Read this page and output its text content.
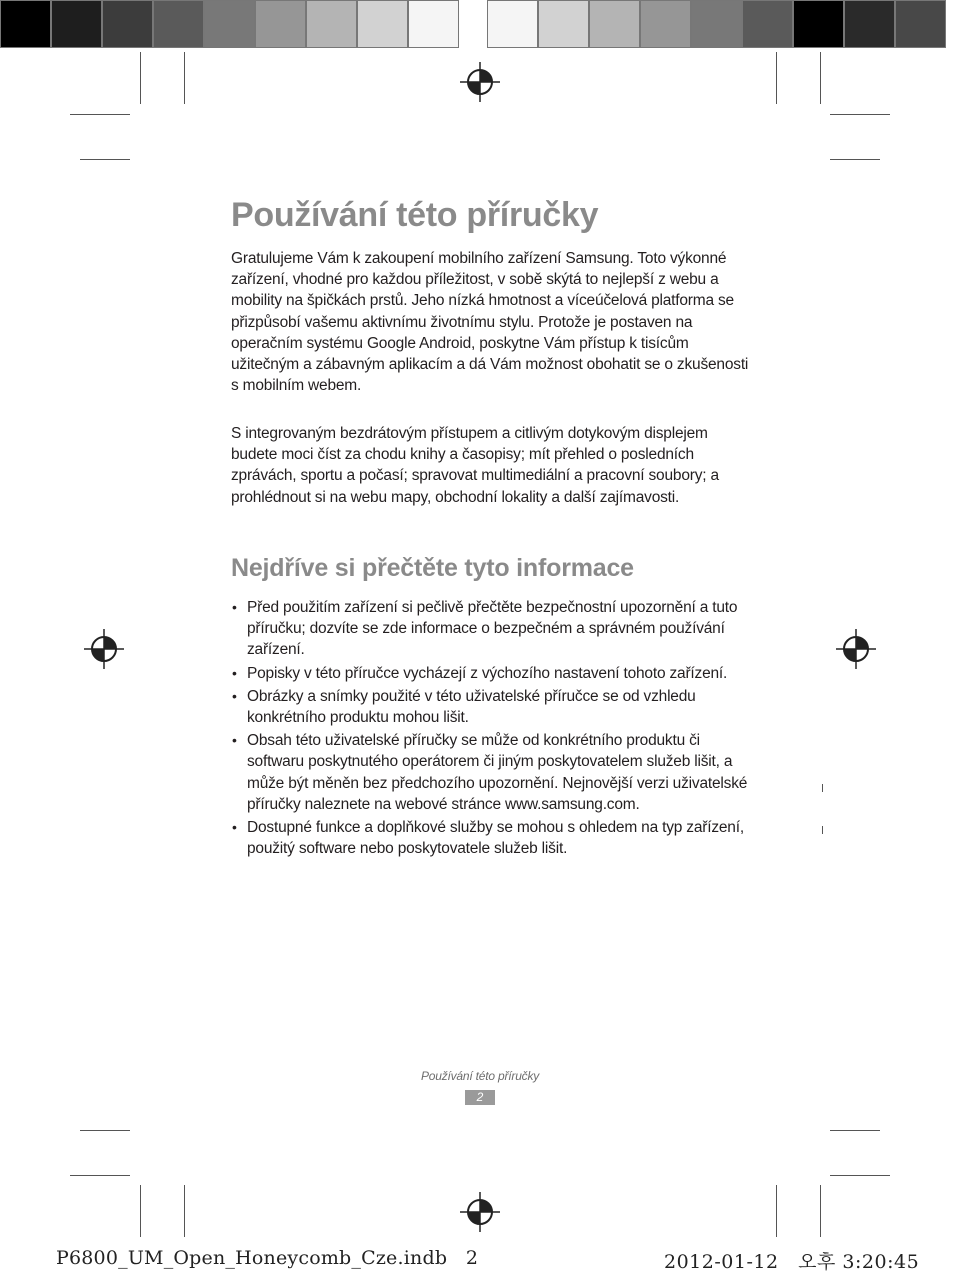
Používání této příručky

Gratulujeme Vám k zakoupení mobilního zařízení Samsung. Toto výkonné zařízení, vhodné pro každou příležitost, v sobě skýtá to nejlepší z webu a mobility na špičkách prstů. Jeho nízká hmotnost a víceúčelová platforma se přizpůsobí vašemu aktivnímu životnímu stylu. Protože je postaven na operačním systému Google Android, poskytne Vám přístup k tisícům užitečným a zábavným aplikacím a dá Vám možnost obohatit se o zkušenosti s mobilním webem.

S integrovaným bezdrátovým přístupem a citlivým dotykovým displejem budete moci číst za chodu knihy a časopisy; mít přehled o posledních zprávách, sportu a počasí; spravovat multimediální a pracovní soubory; a prohlédnout si na webu mapy, obchodní lokality a další zajímavosti.

Nejdříve si přečtěte tyto informace
• Před použitím zařízení si pečlivě přečtěte bezpečnostní upozornění a tuto příručku; dozvíte se zde informace o bezpečném a správném používání zařízení.
• Popisky v této příručce vycházejí z výchozího nastavení tohoto zařízení.
• Obrázky a snímky použité v této uživatelské příručce se od vzhledu konkrétního produktu mohou lišit.
• Obsah této uživatelské příručky se může od konkrétního produktu či softwaru poskytnutého operátorem či jiným poskytovatelem služeb lišit, a může být měněn bez předchozího upozornění. Nejnovější verzi uživatelské příručky naleznete na webové stránce www.samsung.com.
• Dostupné funkce a doplňkové služby se mohou s ohledem na typ zařízení, použitý software nebo poskytovatele služeb lišit.
Používání této příručky
2
P6800_UM_Open_Honeycomb_Cze.indb   2	2012-01-12   오후 3:20:45
